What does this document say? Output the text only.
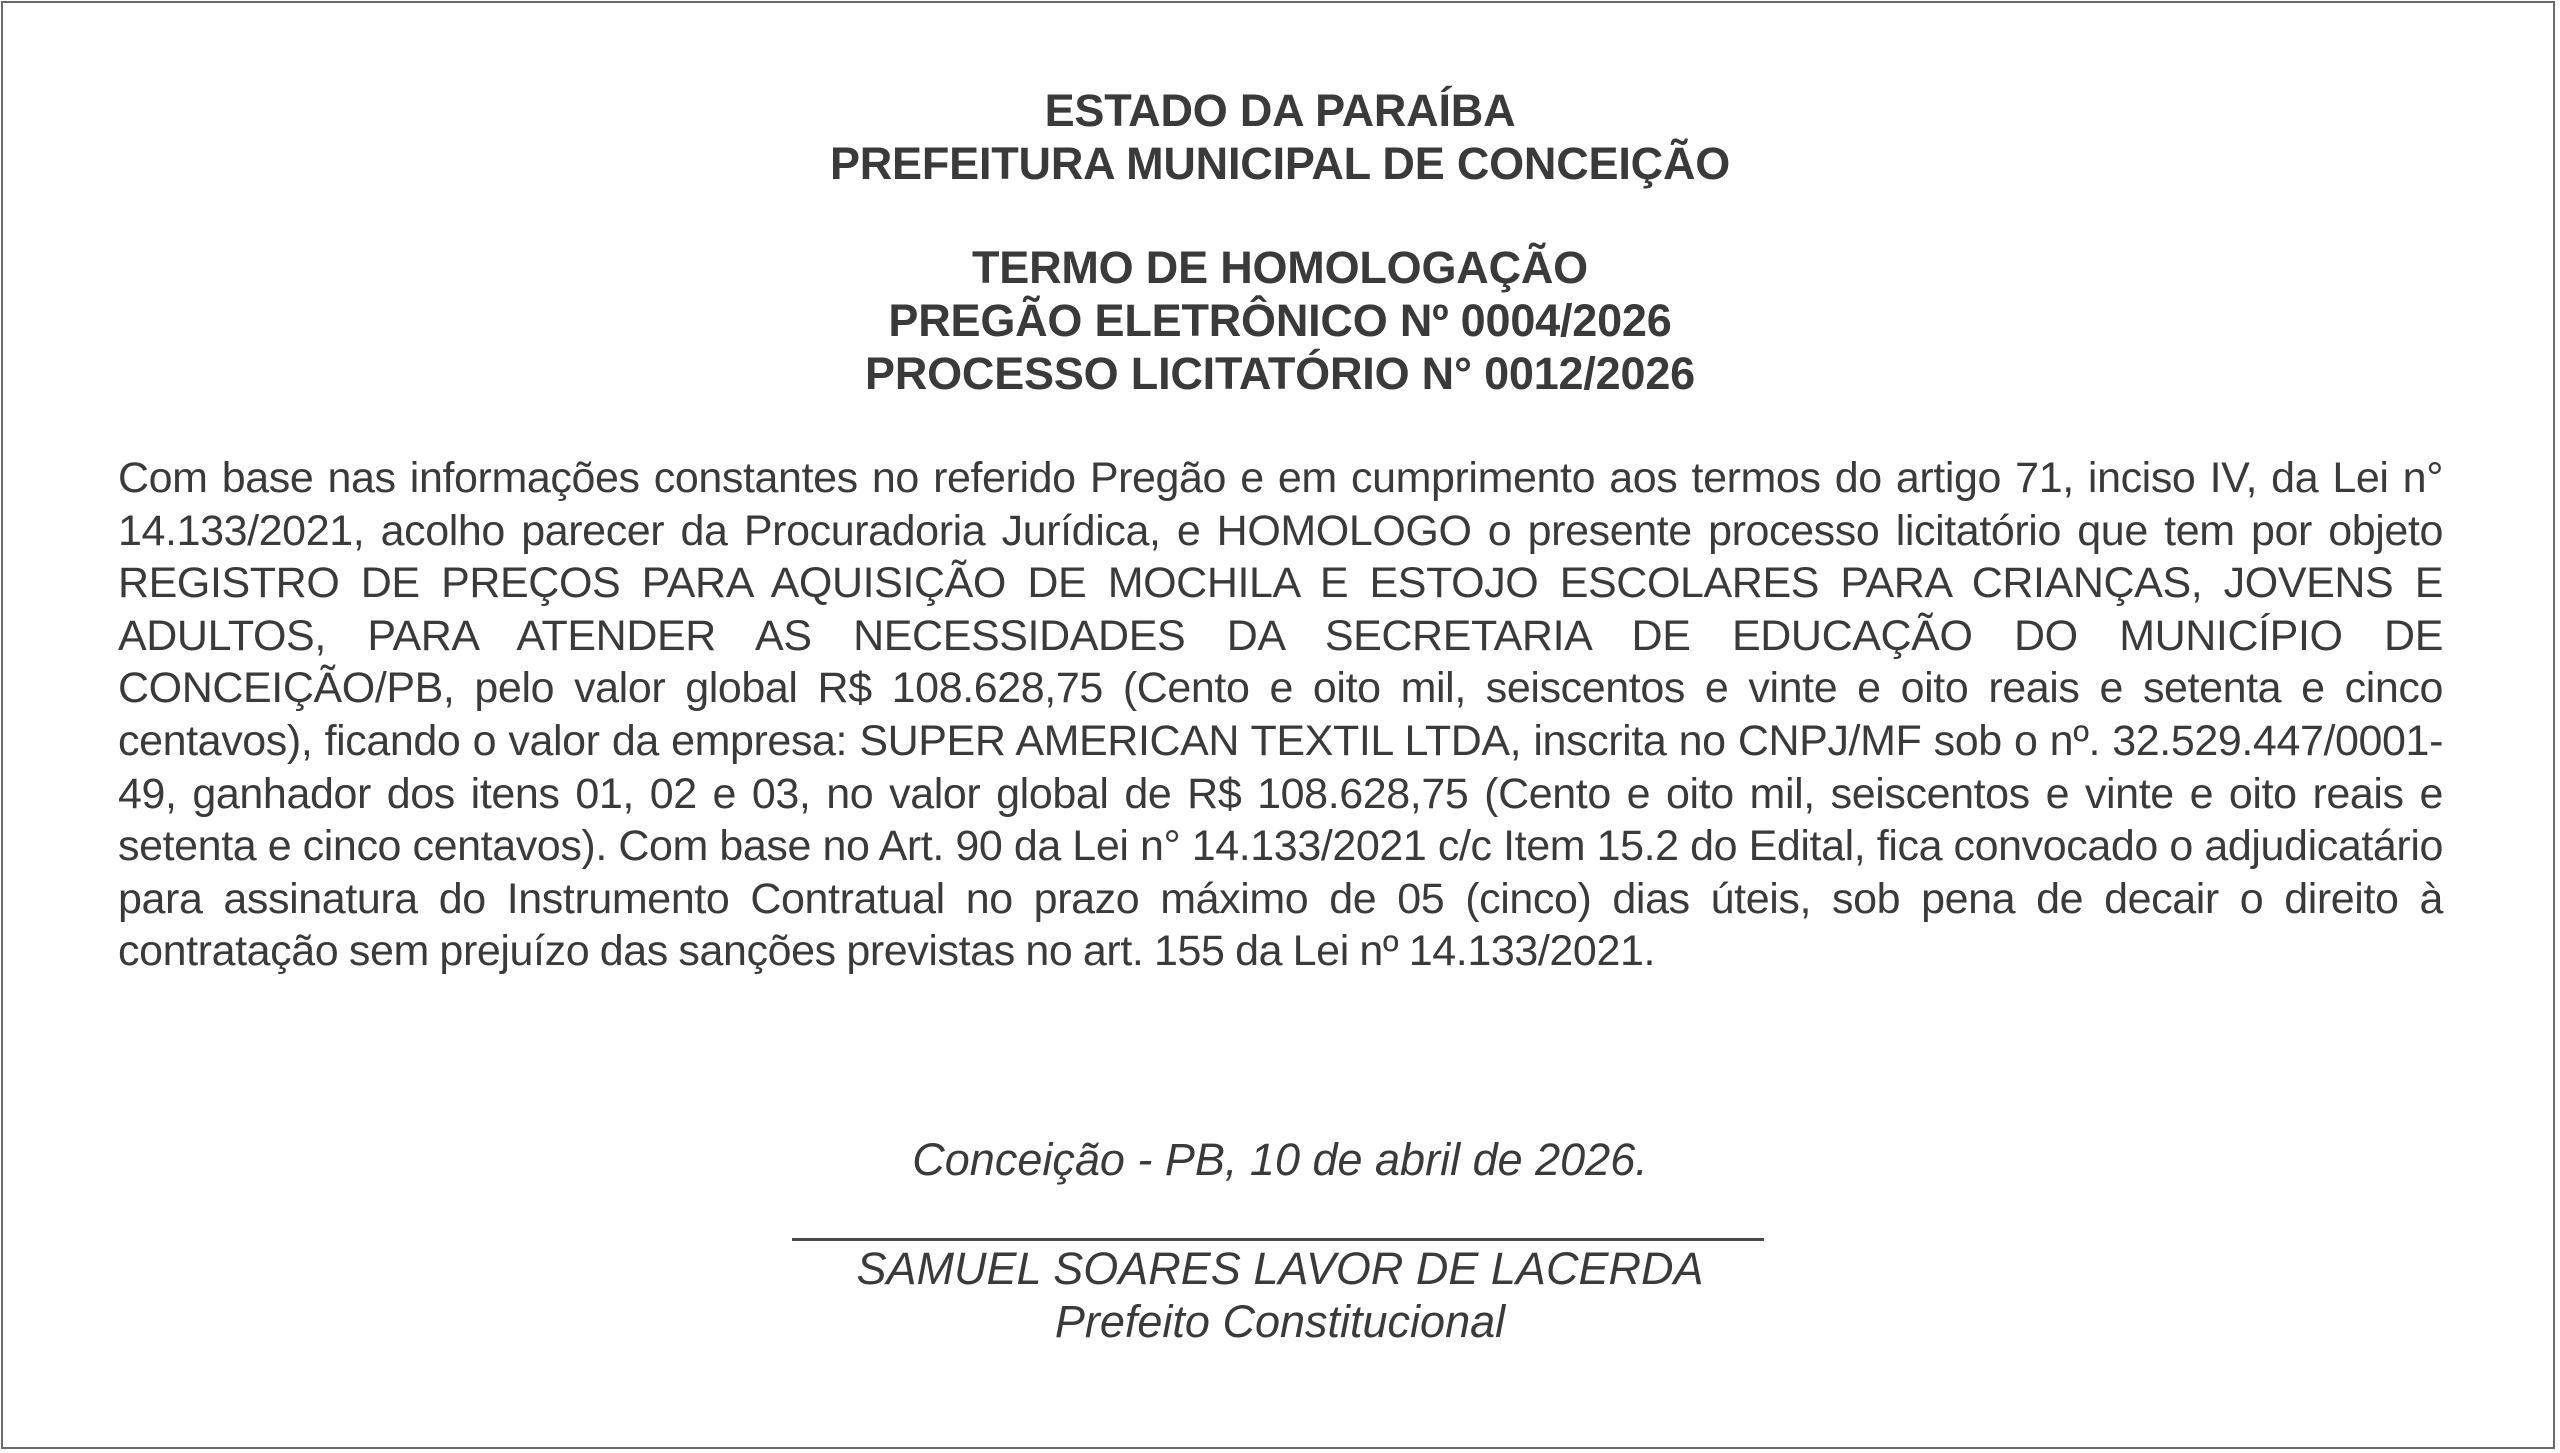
ESTADO DA PARAÍBA
PREFEITURA MUNICIPAL DE CONCEIÇÃO
TERMO DE HOMOLOGAÇÃO
PREGÃO ELETRÔNICO Nº 0004/2026
PROCESSO LICITATÓRIO N° 0012/2026
Com base nas informações constantes no referido Pregão e em cumprimento aos termos do artigo 71, inciso IV, da Lei n° 14.133/2021, acolho parecer da Procuradoria Jurídica, e HOMOLOGO o presente processo licitatório que tem por objeto REGISTRO DE PREÇOS PARA AQUISIÇÃO DE MOCHILA E ESTOJO ESCOLARES PARA CRIANÇAS, JOVENS E ADULTOS, PARA ATENDER AS NECESSIDADES DA SECRETARIA DE EDUCAÇÃO DO MUNICÍPIO DE CONCEIÇÃO/PB, pelo valor global R$ 108.628,75 (Cento e oito mil, seiscentos e vinte e oito reais e setenta e cinco centavos), ficando o valor da empresa: SUPER AMERICAN TEXTIL LTDA, inscrita no CNPJ/MF sob o nº. 32.529.447/0001-49, ganhador dos itens 01, 02 e 03, no valor global de R$ 108.628,75 (Cento e oito mil, seiscentos e vinte e oito reais e setenta e cinco centavos). Com base no Art. 90 da Lei n° 14.133/2021 c/c Item 15.2 do Edital, fica convocado o adjudicatário para assinatura do Instrumento Contratual no prazo máximo de 05 (cinco) dias úteis, sob pena de decair o direito à contratação sem prejuízo das sanções previstas no art. 155 da Lei nº 14.133/2021.
Conceição - PB, 10 de abril de 2026.
SAMUEL SOARES LAVOR DE LACERDA
Prefeito Constitucional
